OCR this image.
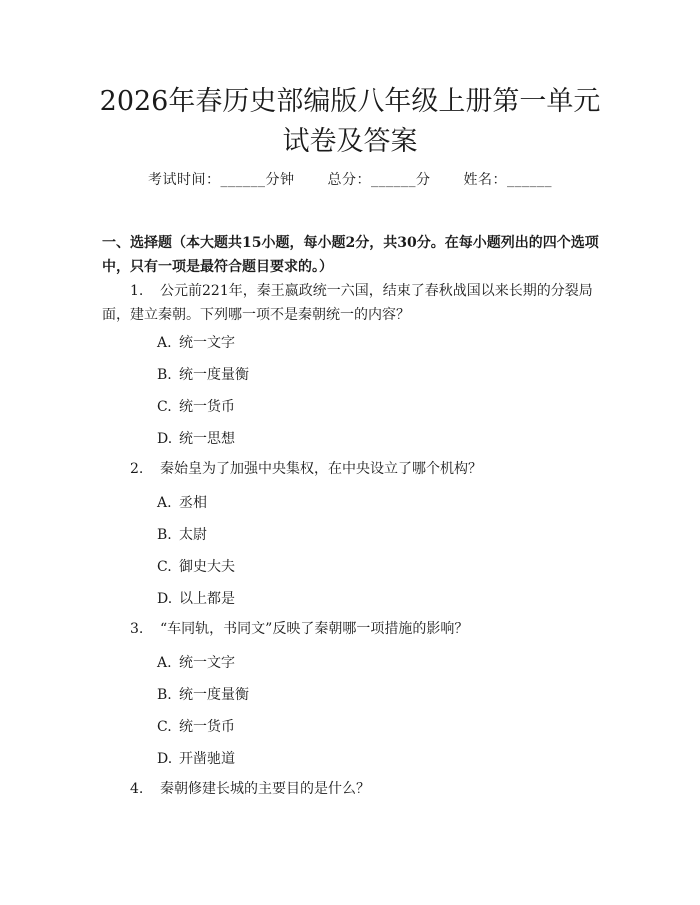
2026年春历史部编版八年级上册第一单元试卷及答案
考试时间：______分钟 总分：______分 姓名：______
一、选择题（本大题共15小题，每小题2分，共30分。在每小题列出的四个选项中，只有一项是最符合题目要求的。）
1. 公元前221年，秦王嬴政统一六国，结束了春秋战国以来长期的分裂局面，建立秦朝。下列哪一项不是秦朝统一的内容？
A. 统一文字
B. 统一度量衡
C. 统一货币
D. 统一思想
2. 秦始皇为了加强中央集权，在中央设立了哪个机构？
A. 丞相
B. 太尉
C. 御史大夫
D. 以上都是
3. “车同轨，书同文”反映了秦朝哪一项措施的影响？
A. 统一文字
B. 统一度量衡
C. 统一货币
D. 开凿驰道
4. 秦朝修建长城的主要目的是什么？
